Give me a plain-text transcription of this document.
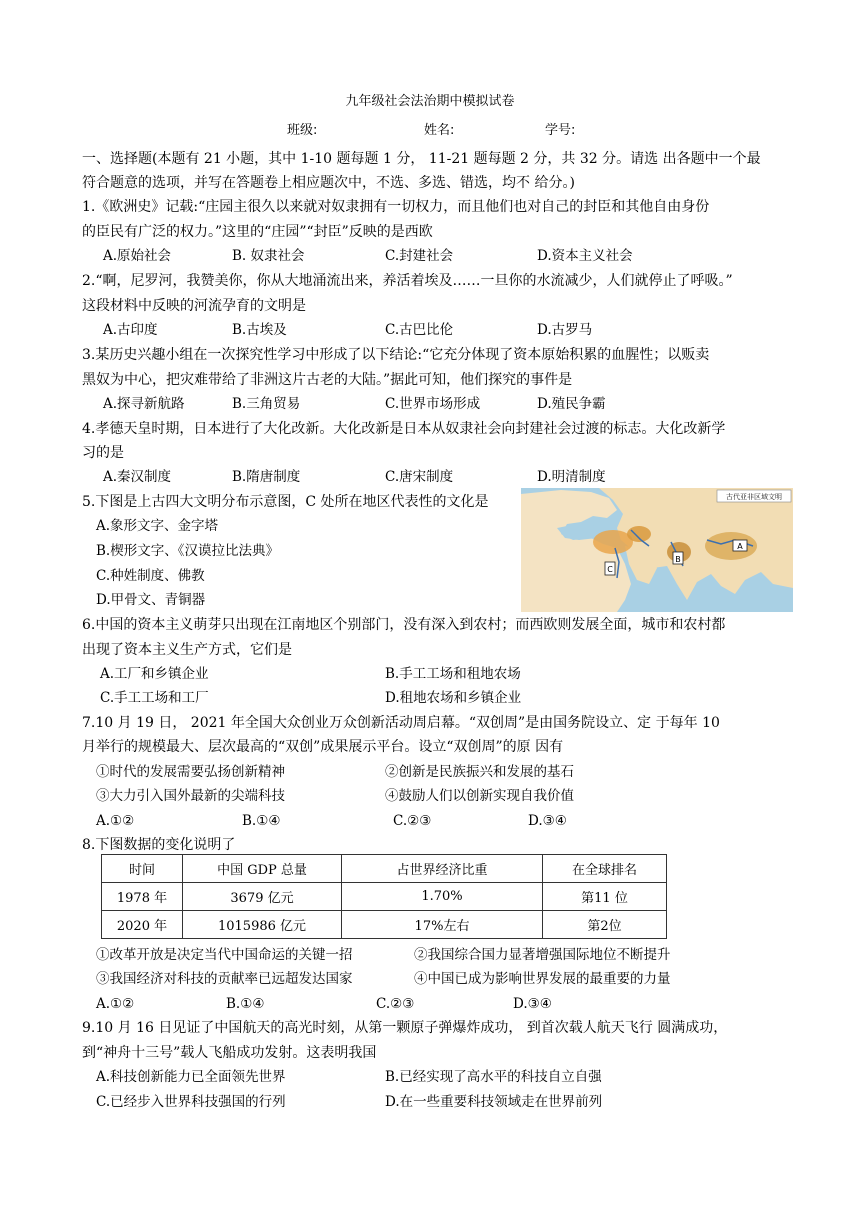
九年级社会法治期中模拟试卷
班级:	姓名:	学号:
一、选择题(本题有 21 小题，其中 1-10 题每题 1 分， 11-21 题每题 2 分，共 32 分。请选 出各题中一个最
符合题意的选项，并写在答题卷上相应题次中，不选、多选、错选，均不 给分。)
1.《欧洲史》记载:“庄园主很久以来就对奴隶拥有一切权力，而且他们也对自己的封臣和其他自由身份
的臣民有广泛的权力。”这里的“庄园”“封臣”反映的是西欧
A.原始社会	B. 奴隶社会	C.封建社会	D.资本主义社会
2.“啊，尼罗河，我赞美你，你从大地涌流出来，养活着埃及……一旦你的水流减少，人们就停止了呼吸。”
这段材料中反映的河流孕育的文明是
A.古印度	B.古埃及	C.古巴比伦	D.古罗马
3.某历史兴趣小组在一次探究性学习中形成了以下结论:“它充分体现了资本原始积累的血腥性；以贩卖
黑奴为中心，把灾难带给了非洲这片古老的大陆。”据此可知，他们探究的事件是
A.探寻新航路	B.三角贸易	C.世界市场形成	D.殖民争霸
4.孝德天皇时期，日本进行了大化改新。大化改新是日本从奴隶社会向封建社会过渡的标志。大化改新学
习的是
A.秦汉制度	B.隋唐制度	C.唐宋制度	D.明清制度
5.下图是上古四大文明分布示意图，C 处所在地区代表性的文化是
A.象形文字、金字塔
B.楔形文字、《汉谟拉比法典》
C.种姓制度、佛教
D.甲骨文、青铜器
古代亚非区域文明
A
B
C
6.中国的资本主义萌芽只出现在江南地区个别部门，没有深入到农村；而西欧则发展全面，城市和农村都
出现了资本主义生产方式，它们是
A.工厂和乡镇企业	B.手工工场和租地农场
C.手工工场和工厂	D.租地农场和乡镇企业
7.10 月 19 日， 2021 年全国大众创业万众创新活动周启幕。“双创周”是由国务院设立、定 于每年 10
月举行的规模最大、层次最高的“双创”成果展示平台。设立“双创周”的原 因有
①时代的发展需要弘扬创新精神	②创新是民族振兴和发展的基石
③大力引入国外最新的尖端科技	④鼓励人们以创新实现自我价值
A.①②	B.①④	C.②③	D.③④
8.下图数据的变化说明了
时间	中国 GDP 总量	占世界经济比重	在全球排名
1978 年	3679 亿元	1.70%	第11 位
2020 年	1015986 亿元	17%左右	第2位
①改革开放是决定当代中国命运的关键一招	②我国综合国力显著增强国际地位不断提升
③我国经济对科技的贡献率已远超发达国家	④中国已成为影响世界发展的最重要的力量
A.①②	B.①④	C.②③	D.③④
9.10 月 16 日见证了中国航天的高光时刻，从第一颗原子弹爆炸成功， 到首次载人航天飞行 圆满成功，
到“神舟十三号”载人飞船成功发射。这表明我国
A.科技创新能力已全面领先世界	B.已经实现了高水平的科技自立自强
C.已经步入世界科技强国的行列	D.在一些重要科技领域走在世界前列
